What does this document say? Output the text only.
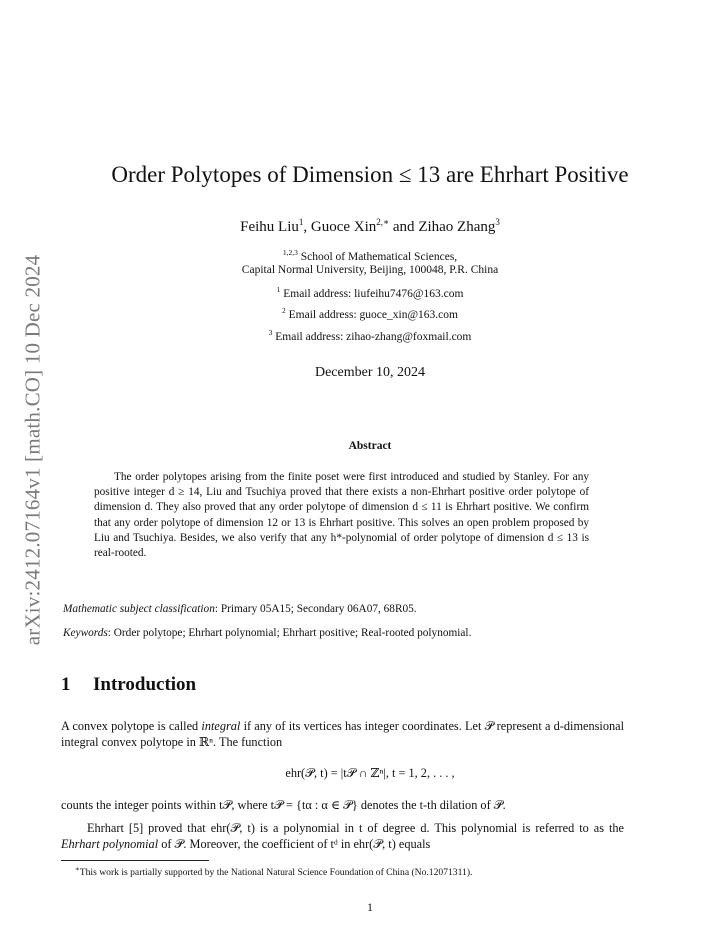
arXiv:2412.07164v1 [math.CO] 10 Dec 2024
Order Polytopes of Dimension ≤ 13 are Ehrhart Positive
Feihu Liu$^1$, Guoce Xin$^{2,∗}$ and Zihao Zhang$^3$
$^{1,2,3}$ School of Mathematical Sciences,
Capital Normal University, Beijing, 100048, P.R. China
$^1$ Email address: liufeihu7476@163.com
$^2$ Email address: guoce_xin@163.com
$^3$ Email address: zihao-zhang@foxmail.com
December 10, 2024
Abstract
The order polytopes arising from the finite poset were first introduced and studied by Stanley. For any positive integer d ≥ 14, Liu and Tsuchiya proved that there exists a non-Ehrhart positive order polytope of dimension d. They also proved that any order polytope of dimension d ≤ 11 is Ehrhart positive. We confirm that any order polytope of dimension 12 or 13 is Ehrhart positive. This solves an open problem proposed by Liu and Tsuchiya. Besides, we also verify that any h*-polynomial of order polytope of dimension d ≤ 13 is real-rooted.
Mathematic subject classification: Primary 05A15; Secondary 06A07, 68R05.
Keywords: Order polytope; Ehrhart polynomial; Ehrhart positive; Real-rooted polynomial.
1 Introduction
A convex polytope is called integral if any of its vertices has integer coordinates. Let 𝒫 represent a d-dimensional integral convex polytope in ℝⁿ. The function
ehr(𝒫, t) = |t𝒫 ∩ ℤⁿ|, t = 1, 2, . . . ,
counts the integer points within t𝒫, where t𝒫 = {tα : α ∈ 𝒫} denotes the t-th dilation of 𝒫.
Ehrhart [5] proved that ehr(𝒫, t) is a polynomial in t of degree d. This polynomial is referred to as the Ehrhart polynomial of 𝒫. Moreover, the coefficient of tᵈ in ehr(𝒫, t) equals
∗This work is partially supported by the National Natural Science Foundation of China (No.12071311).
1
